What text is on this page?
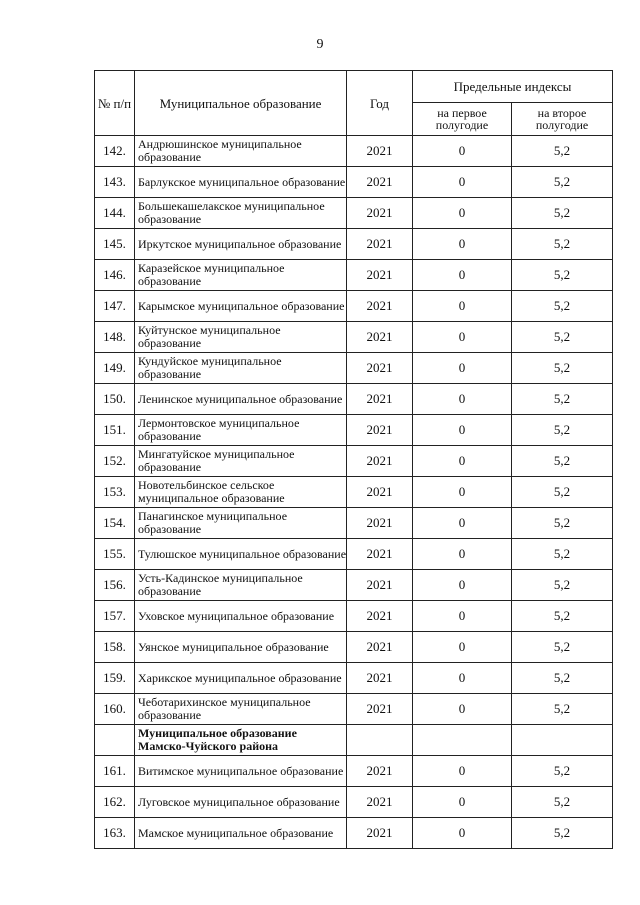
9
№ п/п	Муниципальное образование	Год	Предельные индексы	
			на первое полугодие	на второе полугодие
142.	Андрюшинское муниципальное образование	2021	0	5,2
143.	Барлукское муниципальное образование	2021	0	5,2
144.	Большекашелакское муниципальное образование	2021	0	5,2
145.	Иркутское муниципальное образование	2021	0	5,2
146.	Каразейское муниципальное образование	2021	0	5,2
147.	Карымское муниципальное образование	2021	0	5,2
148.	Куйтунское муниципальное образование	2021	0	5,2
149.	Кундуйское муниципальное образование	2021	0	5,2
150.	Ленинское муниципальное образование	2021	0	5,2
151.	Лермонтовское муниципальное образование	2021	0	5,2
152.	Мингатуйское муниципальное образование	2021	0	5,2
153.	Новотельбинское сельское муниципальное образование	2021	0	5,2
154.	Панагинское муниципальное образование	2021	0	5,2
155.	Тулюшское муниципальное образование	2021	0	5,2
156.	Усть-Кадинское муниципальное образование	2021	0	5,2
157.	Уховское муниципальное образование	2021	0	5,2
158.	Уянское муниципальное образование	2021	0	5,2
159.	Харикское муниципальное образование	2021	0	5,2
160.	Чеботарихинское муниципальное образование	2021	0	5,2
	Муниципальное образование Мамско-Чуйского района			
161.	Витимское муниципальное образование	2021	0	5,2
162.	Луговское муниципальное образование	2021	0	5,2
163.	Мамское муниципальное образование	2021	0	5,2
